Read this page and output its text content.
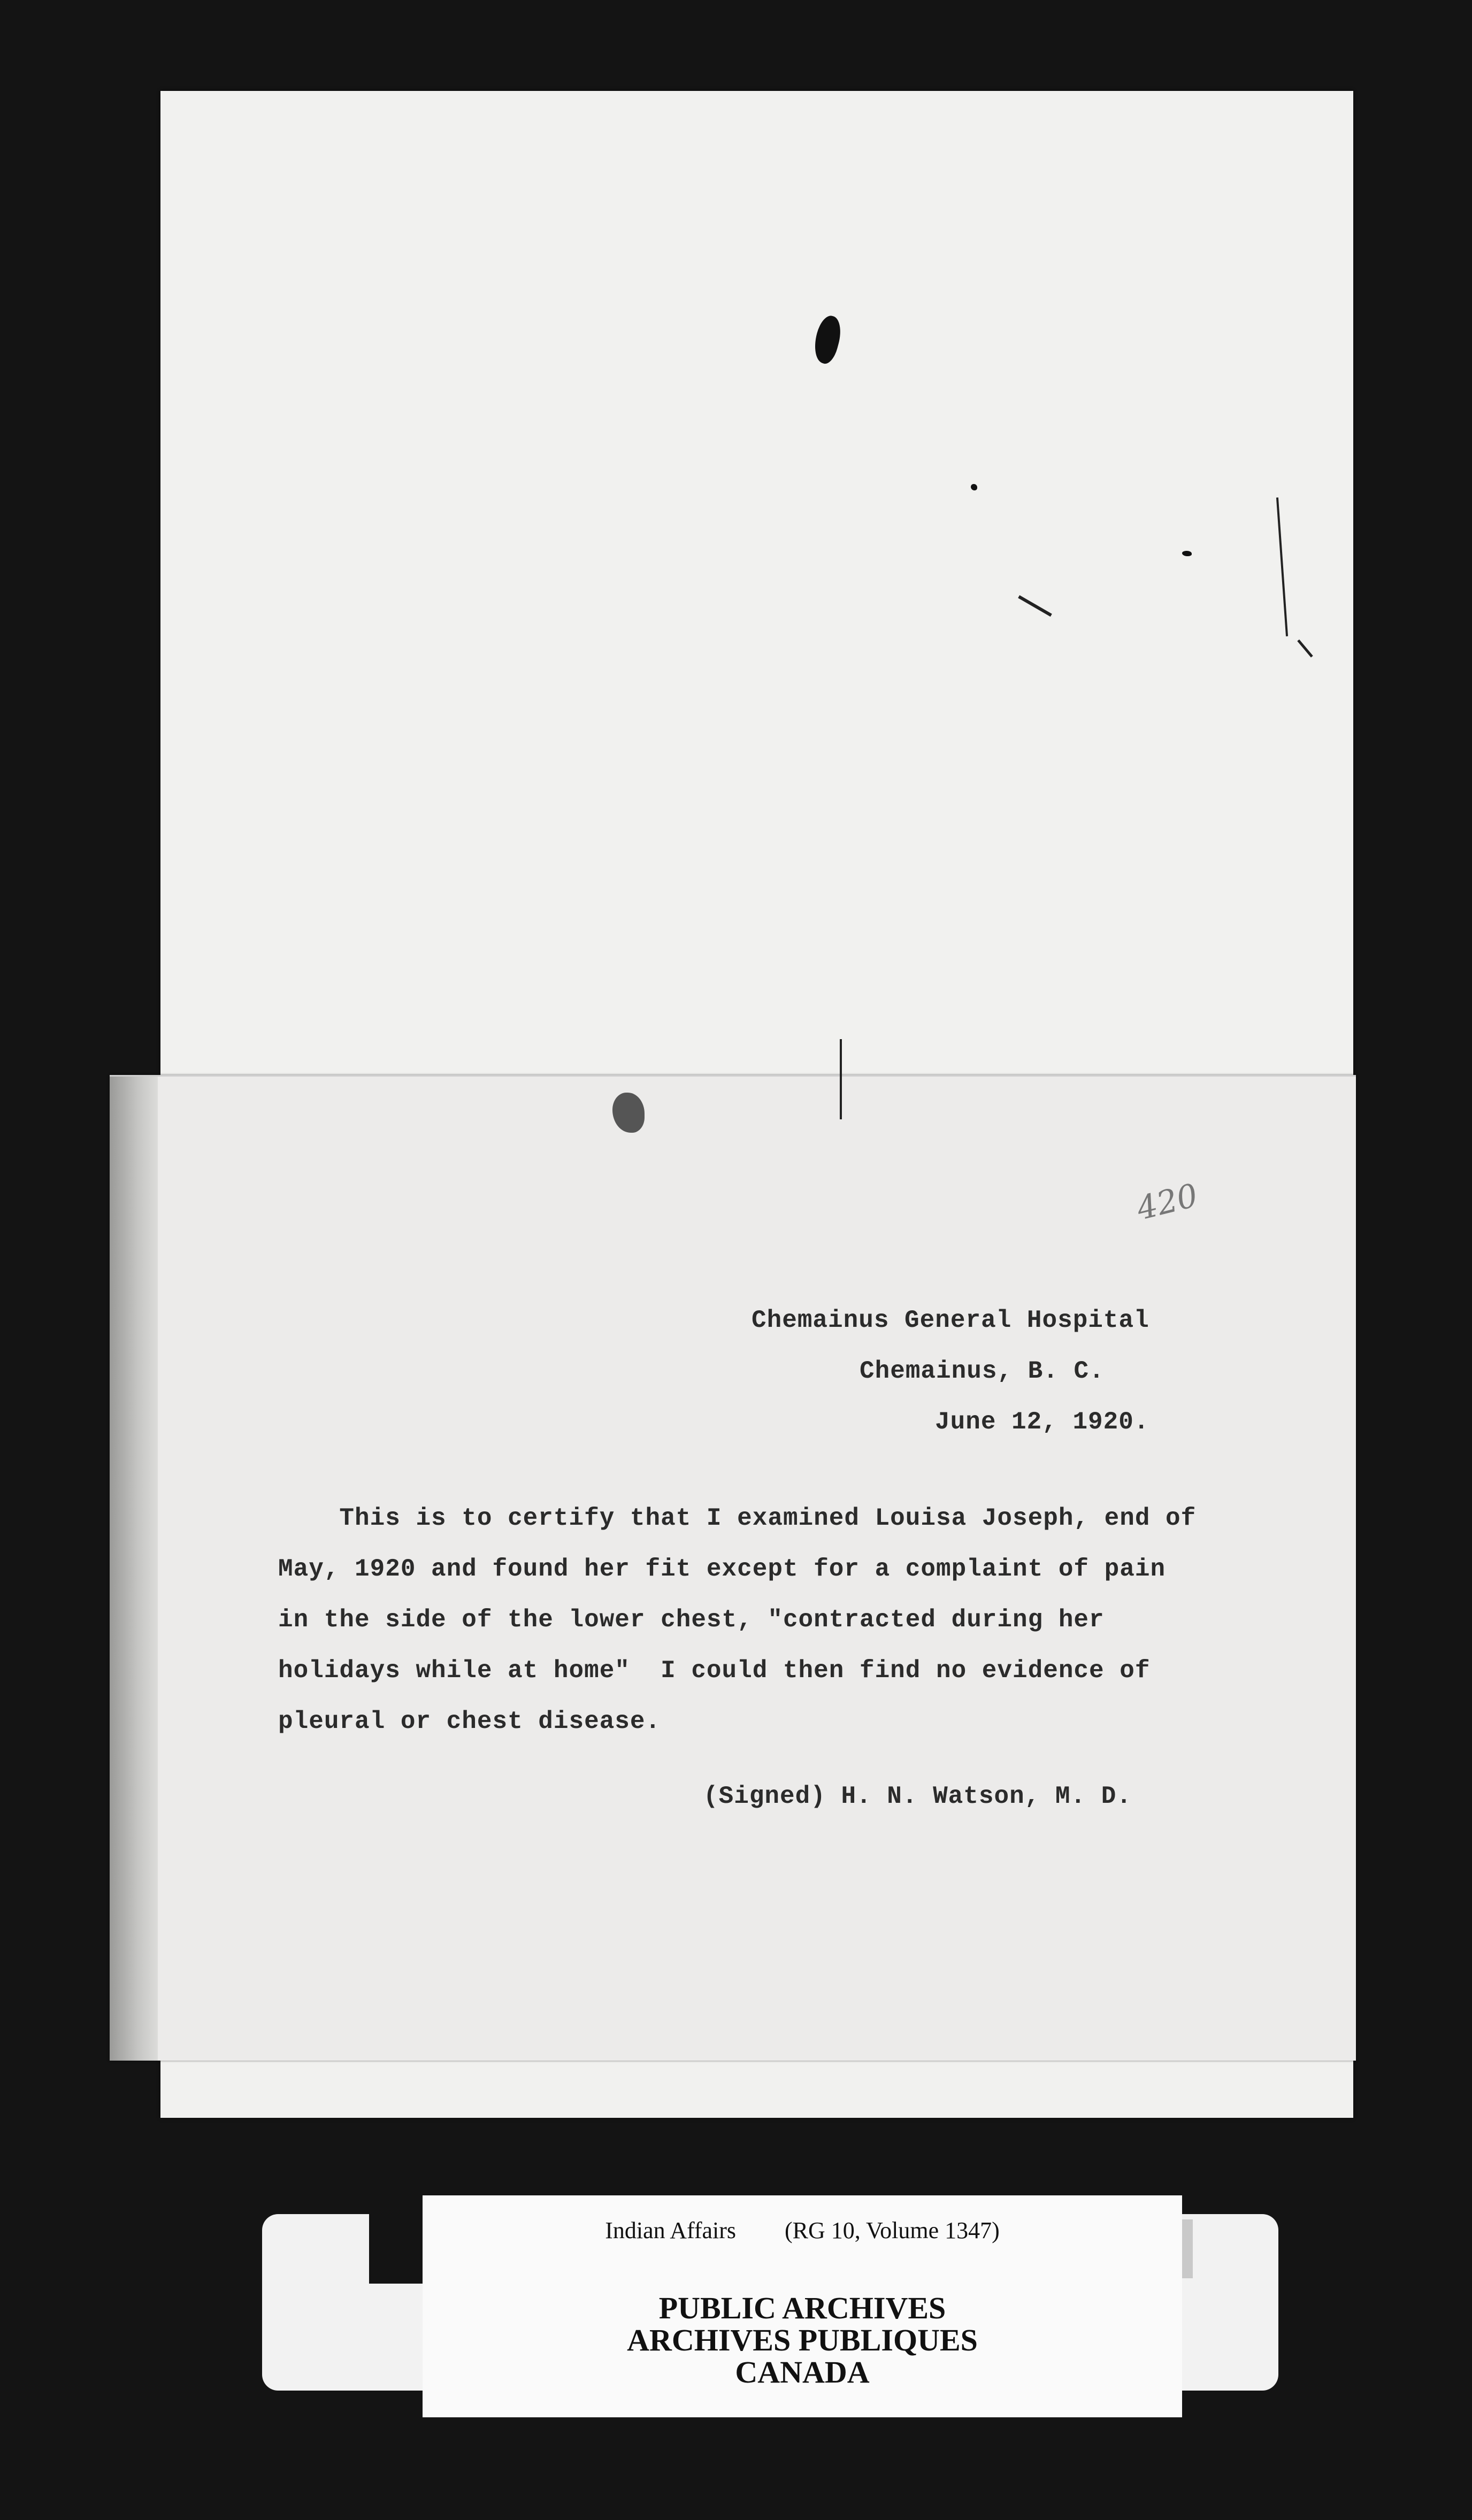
420
Chemainus General Hospital
Chemainus, B. C.
June 12, 1920.
This is to certify that I examined Louisa Joseph, end of
May, 1920 and found her fit except for a complaint of pain
in the side of the lower chest, "contracted during her
holidays while at home"  I could then find no evidence of
pleural or chest disease.
(Signed) H. N. Watson, M. D.
Indian Affairs (RG 10, Volume 1347)
PUBLIC ARCHIVES
ARCHIVES PUBLIQUES
CANADA
